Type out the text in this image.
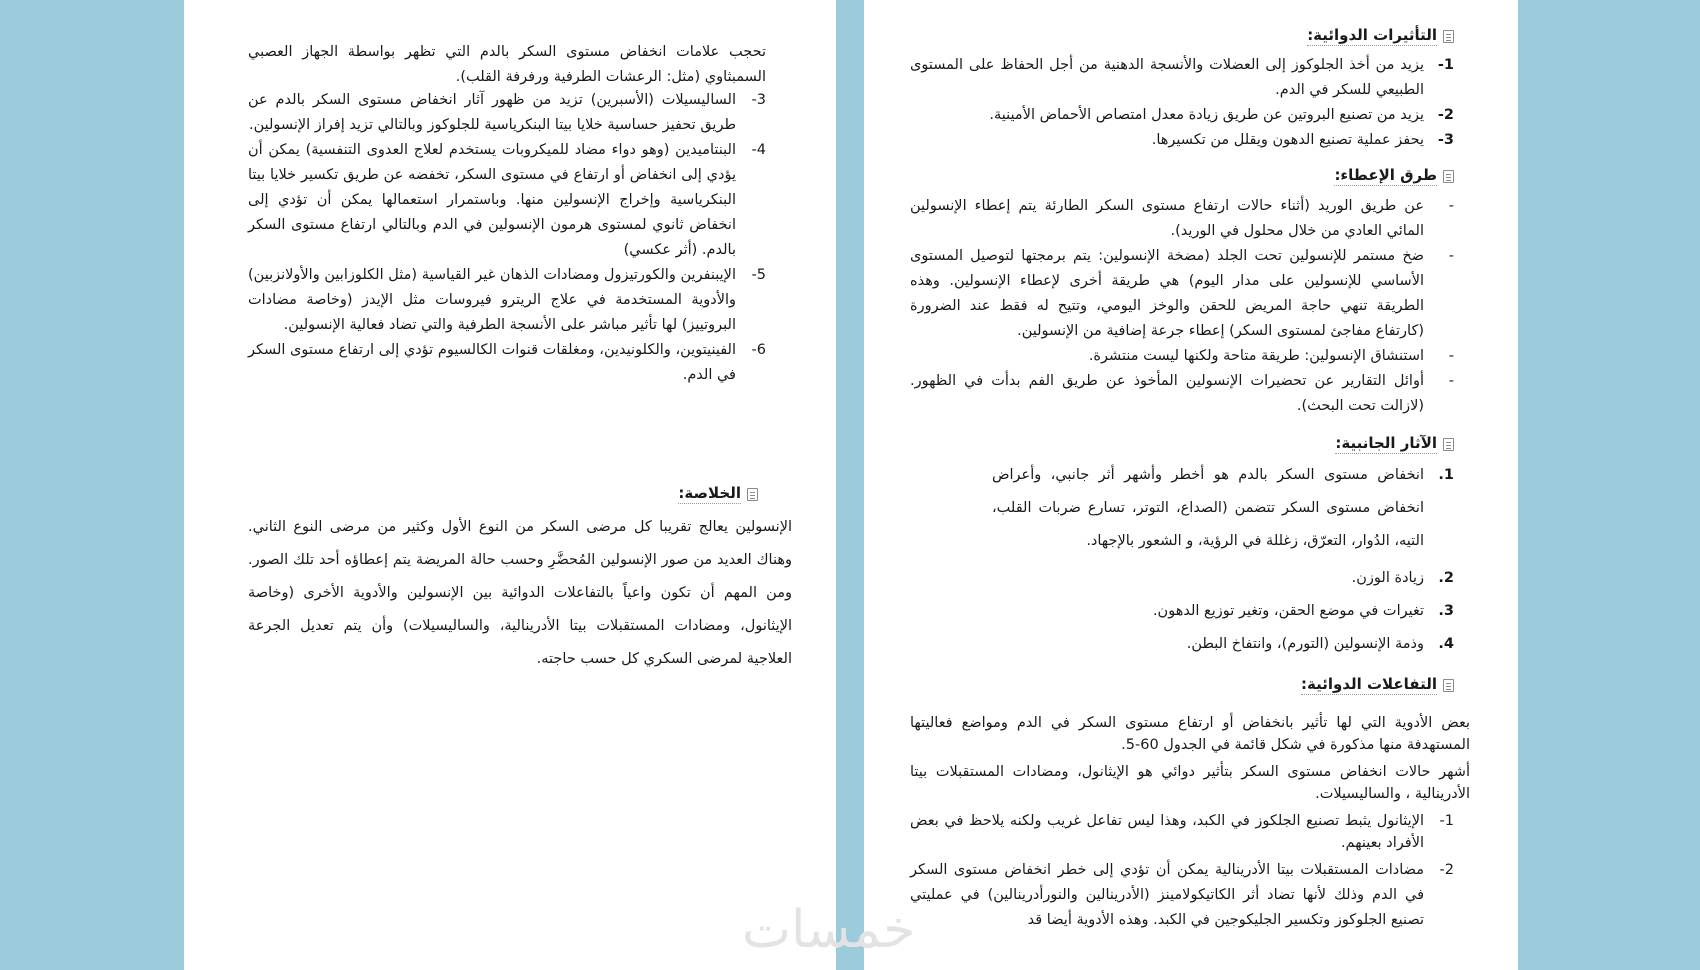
تحجب علامات انخفاض مستوى السكر بالدم التي تظهر بواسطة الجهاز العصبي السمبثاوي (مثل: الرعشات الطرفية ورفرفة القلب).
3-
الساليسيلات (الأسبرين) تزيد من ظهور آثار انخفاض مستوى السكر بالدم عن طريق تحفيز حساسية خلايا بيتا البنكرياسية للجلوكوز وبالتالي تزيد إفراز الإنسولين.
4-
البنتاميدين (وهو دواء مضاد للميكروبات يستخدم لعلاج العدوى التنفسية) يمكن أن يؤدي إلى انخفاض أو ارتفاع في مستوى السكر، تخفضه عن طريق تكسير خلايا بيتا البنكرياسية وإخراج الإنسولين منها. وباستمرار استعمالها يمكن أن تؤدي إلى انخفاض ثانوي لمستوى هرمون الإنسولين في الدم وبالتالي ارتفاع مستوى السكر بالدم. (أثر عكسي)
5-
الإيبنفرين والكورتيزول ومضادات الذهان غير القياسية (مثل الكلوزابين والأولانزبين) والأدوية المستخدمة في علاج الريترو فيروسات مثل الإيدز (وخاصة مضادات البروتييز) لها تأثير مباشر على الأنسجة الطرفية والتي تضاد فعالية الإنسولين.
6-
الفينيتوين، والكلونيدين، ومغلقات قنوات الكالسيوم تؤدي إلى ارتفاع مستوى السكر في الدم.
الخلاصة:
الإنسولين يعالج تقريبا كل مرضى السكر من النوع الأول وكثير من مرضى النوع الثاني. وهناك العديد من صور الإنسولين المُحضَّرِ وحسب حالة المريضة يتم إعطاؤه أحد تلك الصور. ومن المهم أن تكون واعياً بالتفاعلات الدوائية بين الإنسولين والأدوية الأخرى (وخاصة الإيثانول، ومضادات المستقبلات بيتا الأدرينالية، والساليسيلات) وأن يتم تعديل الجرعة العلاجية لمرضى السكري كل حسب حاجته.
التأثيرات الدوائية:
1-
يزيد من أخذ الجلوكوز إلى العضلات والأنسجة الدهنية من أجل الحفاظ على المستوى الطبيعي للسكر في الدم.
2-
يزيد من تصنيع البروتين عن طريق زيادة معدل امتصاص الأحماض الأمينية.
3-
يحفز عملية تصنيع الدهون ويقلل من تكسيرها.
طرق الإعطاء:
-
عن طريق الوريد (أثناء حالات ارتفاع مستوى السكر الطارئة يتم إعطاء الإنسولين المائي العادي من خلال محلول في الوريد).
-
ضخ مستمر للإنسولين تحت الجلد (مضخة الإنسولين: يتم برمجتها لتوصيل المستوى الأساسي للإنسولين على مدار اليوم) هي طريقة أخرى لإعطاء الإنسولين. وهذه الطريقة تنهي حاجة المريض للحقن والوخز اليومي، وتتيح له فقط عند الضرورة (كارتفاع مفاجئ لمستوى السكر) إعطاء جرعة إضافية من الإنسولين.
-
استنشاق الإنسولين: طريقة متاحة ولكنها ليست منتشرة.
-
أوائل التقارير عن تحضيرات الإنسولين المأخوذ عن طريق الفم بدأت في الظهور. (لازالت تحت البحث).
الآثار الجانبية:
1.
انخفاض مستوى السكر بالدم هو أخطر وأشهر أثر جانبي، وأعراض انخفاض مستوى السكر تتضمن (الصداع، التوتر، تسارع ضربات القلب، التيه، الدُوار، التعرّق، زغللة في الرؤية، و الشعور بالإجهاد.
2.
زيادة الوزن.
3.
تغيرات في موضع الحقن، وتغير توزيع الدهون.
4.
وذمة الإنسولين (التورم)، وانتفاخ البطن.
التفاعلات الدوائية:
بعض الأدوية التي لها تأثير بانخفاض أو ارتفاع مستوى السكر في الدم ومواضع فعاليتها المستهدفة منها مذكورة في شكل قائمة في الجدول 60-5.
أشهر حالات انخفاض مستوى السكر بتأثير دوائي هو الإيثانول، ومضادات المستقبلات بيتا الأدرينالية ، والساليسيلات.
1-
الإيثانول يثبط تصنيع الجلكوز في الكبد، وهذا ليس تفاعل غريب ولكنه يلاحظ في بعض الأفراد بعينهم.
2-
مضادات المستقبلات بيتا الأدرينالية يمكن أن تؤدي إلى خطر انخفاض مستوى السكر في الدم وذلك لأنها تضاد أثر الكاتيكولامينز (الأدرينالين والنورأدرينالين) في عمليتي تصنيع الجلوكوز وتكسير الجليكوجين في الكبد. وهذه الأدوية أيضا قد
خمسات
